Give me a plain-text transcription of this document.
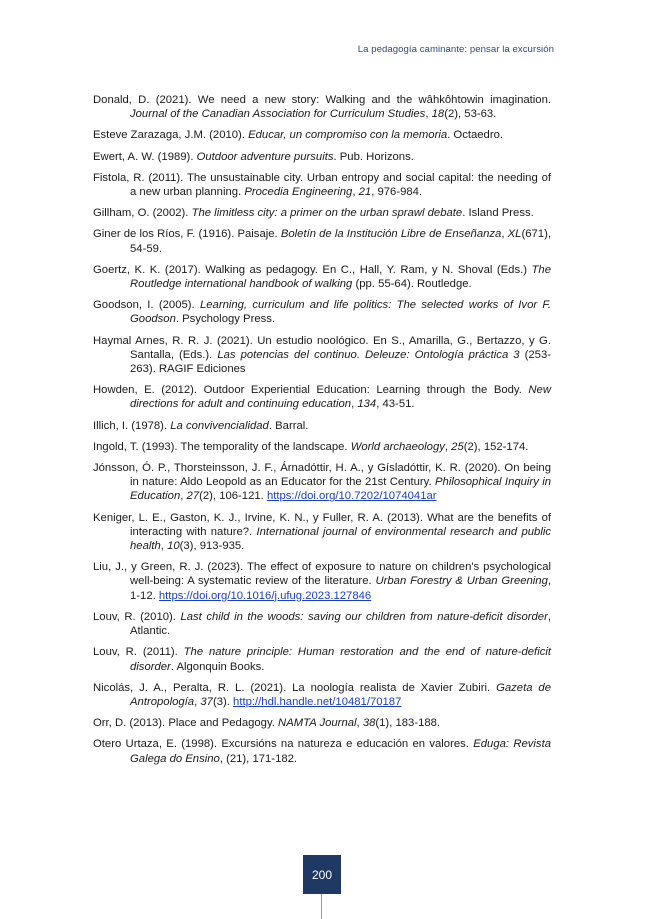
La pedagogía caminante: pensar la excursión

Donald, D. (2021). We need a new story: Walking and the wâhkôhtowin imagination. Journal of the Canadian Association for Curriculum Studies, 18(2), 53-63.

Esteve Zarazaga, J.M. (2010). Educar, un compromiso con la memoria. Octaedro.

Ewert, A. W. (1989). Outdoor adventure pursuits. Pub. Horizons.

Fistola, R. (2011). The unsustainable city. Urban entropy and social capital: the needing of a new urban planning. Procedia Engineering, 21, 976-984.

Gillham, O. (2002). The limitless city: a primer on the urban sprawl debate. Island Press.

Giner de los Ríos, F. (1916). Paisaje. Boletín de la Institución Libre de Enseñanza, XL(671), 54-59.

Goertz, K. K. (2017). Walking as pedagogy. En C., Hall, Y. Ram, y N. Shoval (Eds.) The Routledge international handbook of walking (pp. 55-64). Routledge.

Goodson, I. (2005). Learning, curriculum and life politics: The selected works of Ivor F. Goodson. Psychology Press.

Haymal Arnes, R. R. J. (2021). Un estudio noológico. En S., Amarilla, G., Bertazzo, y G. Santalla, (Eds.). Las potencias del continuo. Deleuze: Ontología práctica 3 (253-263). RAGIF Ediciones

Howden, E. (2012). Outdoor Experiential Education: Learning through the Body. New directions for adult and continuing education, 134, 43-51.

Illich, I. (1978). La convivencialidad. Barral.

Ingold, T. (1993). The temporality of the landscape. World archaeology, 25(2), 152-174.

Jónsson, Ó. P., Thorsteinsson, J. F., Árnadóttir, H. A., y Gísladóttir, K. R. (2020). On being in nature: Aldo Leopold as an Educator for the 21st Century. Philosophical Inquiry in Education, 27(2), 106-121. https://doi.org/10.7202/1074041ar

Keniger, L. E., Gaston, K. J., Irvine, K. N., y Fuller, R. A. (2013). What are the benefits of interacting with nature?. International journal of environmental research and public health, 10(3), 913-935.

Liu, J., y Green, R. J. (2023). The effect of exposure to nature on children's psychological well-being: A systematic review of the literature. Urban Forestry & Urban Greening, 1-12. https://doi.org/10.1016/j.ufug.2023.127846

Louv, R. (2010). Last child in the woods: saving our children from nature-deficit disorder, Atlantic.

Louv, R. (2011). The nature principle: Human restoration and the end of nature-deficit disorder. Algonquin Books.

Nicolás, J. A., Peralta, R. L. (2021). La noología realista de Xavier Zubiri. Gazeta de Antropología, 37(3). http://hdl.handle.net/10481/70187

Orr, D. (2013). Place and Pedagogy. NAMTA Journal, 38(1), 183-188.

Otero Urtaza, E. (1998). Excursións na natureza e educación en valores. Eduga: Revista Galega do Ensino, (21), 171-182.

200
